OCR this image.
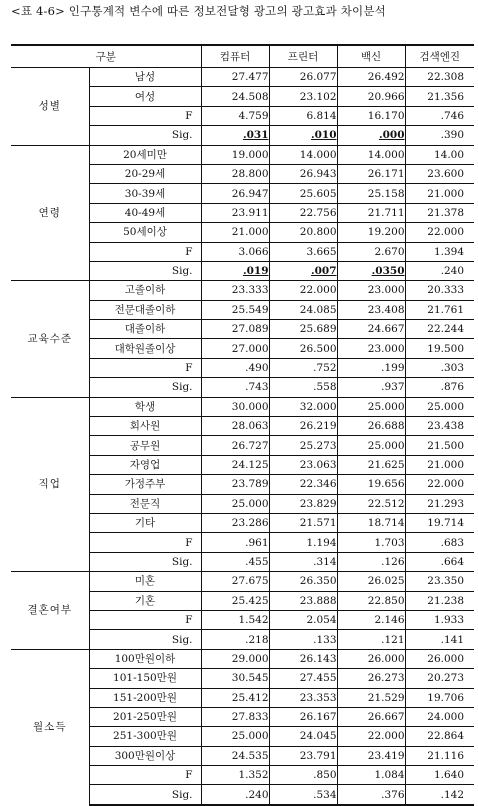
<표 4-6> 인구통계적 변수에 따른 정보전달형 광고의 광고효과 차이분석
구분		컴퓨터	프린터	백신	검색엔진
성별	남성	27.477	26.077	26.492	22.308
	여성	24.508	23.102	20.966	21.356
	F	4.759	6.814	16.170	.746
	Sig.	.031	.010	.000	.390
연령	20세미만	19.000	14.000	14.000	14.00
	20-29세	28.800	26.943	26.171	23.600
	30-39세	26.947	25.605	25.158	21.000
	40-49세	23.911	22.756	21.711	21.378
	50세이상	21.000	20.800	19.200	22.000
	F	3.066	3.665	2.670	1.394
	Sig.	.019	.007	.0350	.240
교육수준	고졸이하	23.333	22.000	23.000	20.333
	전문대졸이하	25.549	24.085	23.408	21.761
	대졸이하	27.089	25.689	24.667	22.244
	대학원졸이상	27.000	26.500	23.000	19.500
	F	.490	.752	.199	.303
	Sig.	.743	.558	.937	.876
직업	학생	30.000	32.000	25.000	25.000
	회사원	28.063	26.219	26.688	23.438
	공무원	26.727	25.273	25.000	21.500
	자영업	24.125	23.063	21.625	21.000
	가정주부	23.789	22.346	19.656	22.000
	전문직	25.000	23.829	22.512	21.293
	기타	23.286	21.571	18.714	19.714
	F	.961	1.194	1.703	.683
	Sig.	.455	.314	.126	.664
결혼여부	미혼	27.675	26.350	26.025	23.350
	기혼	25.425	23.888	22.850	21.238
	F	1.542	2.054	2.146	1.933
	Sig.	.218	.133	.121	.141
월소득	100만원이하	29.000	26.143	26.000	26.000
	101-150만원	30.545	27.455	26.273	20.273
	151-200만원	25.412	23.353	21.529	19.706
	201-250만원	27.833	26.167	26.667	24.000
	251-300만원	25.000	24.045	22.000	22.864
	300만원이상	24.535	23.791	23.419	21.116
	F	1.352	.850	1.084	1.640
	Sig.	.240	.534	.376	.142
